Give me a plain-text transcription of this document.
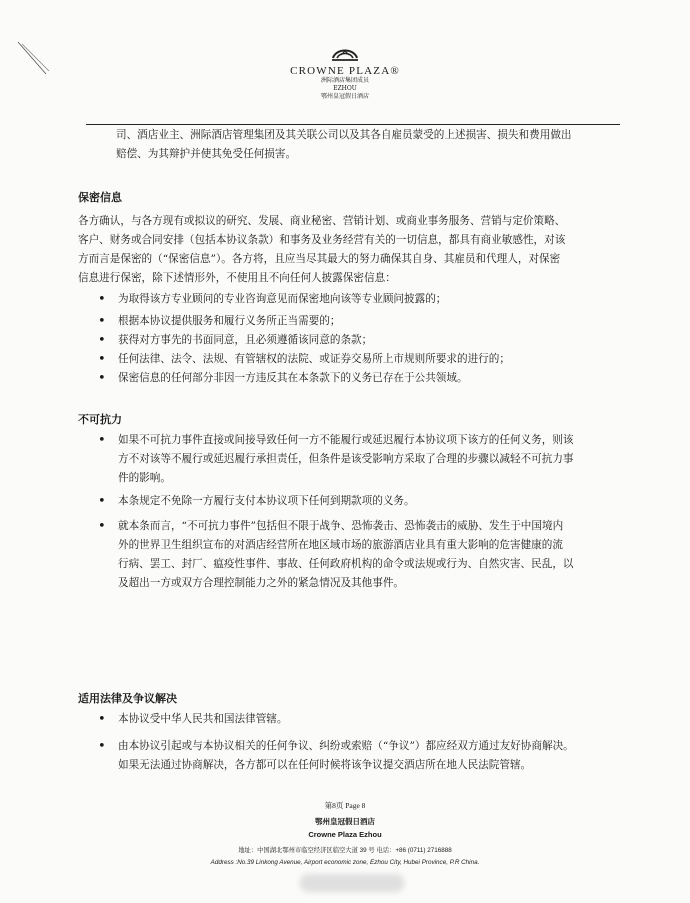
CROWNE PLAZA®
洲际酒店集团成员
EZHOU
鄂州皇冠假日酒店
司、酒店业主、洲际酒店管理集团及其关联公司以及其各自雇员蒙受的上述损害、损失和费用做出
赔偿、为其辩护并使其免受任何损害。
保密信息
各方确认，与各方现有或拟议的研究、发展、商业秘密、营销计划、或商业事务服务、营销与定价策略、
客户、财务或合同安排（包括本协议条款）和事务及业务经营有关的一切信息，都具有商业敏感性，对该
方而言是保密的（“保密信息”）。各方将，且应当尽其最大的努力确保其自身、其雇员和代理人，对保密
信息进行保密，除下述情形外，不使用且不向任何人披露保密信息：
• 为取得该方专业顾问的专业咨询意见而保密地向该等专业顾问披露的；
• 根据本协议提供服务和履行义务所正当需要的；
• 获得对方事先的书面同意，且必须遵循该同意的条款；
• 任何法律、法令、法规、有管辖权的法院、或证券交易所上市规则所要求的进行的；
• 保密信息的任何部分非因一方违反其在本条款下的义务已存在于公共领域。
不可抗力
• 如果不可抗力事件直接或间接导致任何一方不能履行或延迟履行本协议项下该方的任何义务，则该
方不对该等不履行或延迟履行承担责任，但条件是该受影响方采取了合理的步骤以减轻不可抗力事
件的影响。
• 本条规定不免除一方履行支付本协议项下任何到期款项的义务。
• 就本条而言，“不可抗力事件”包括但不限于战争、恐怖袭击、恐怖袭击的威胁、发生于中国境内
外的世界卫生组织宣布的对酒店经营所在地区域市场的旅游酒店业具有重大影响的危害健康的流
行病、罢工、封厂、瘟疫性事件、事故、任何政府机构的命令或法规或行为、自然灾害、民乱，以
及超出一方或双方合理控制能力之外的紧急情况及其他事件。
适用法律及争议解决
• 本协议受中华人民共和国法律管辖。
• 由本协议引起或与本协议相关的任何争议、纠纷或索赔（“争议”）都应经双方通过友好协商解决。
如果无法通过协商解决，各方都可以在任何时候将该争议提交酒店所在地人民法院管辖。
第8页 Page 8
鄂州皇冠假日酒店
Crowne Plaza Ezhou
地址：中国湖北鄂州市临空经济区临空大道 39 号 电话：+86 (0711) 2716888
Address :No.39 Linkong Avenue, Airport economic zone, Ezhou City, Hubei Province, P.R China.
